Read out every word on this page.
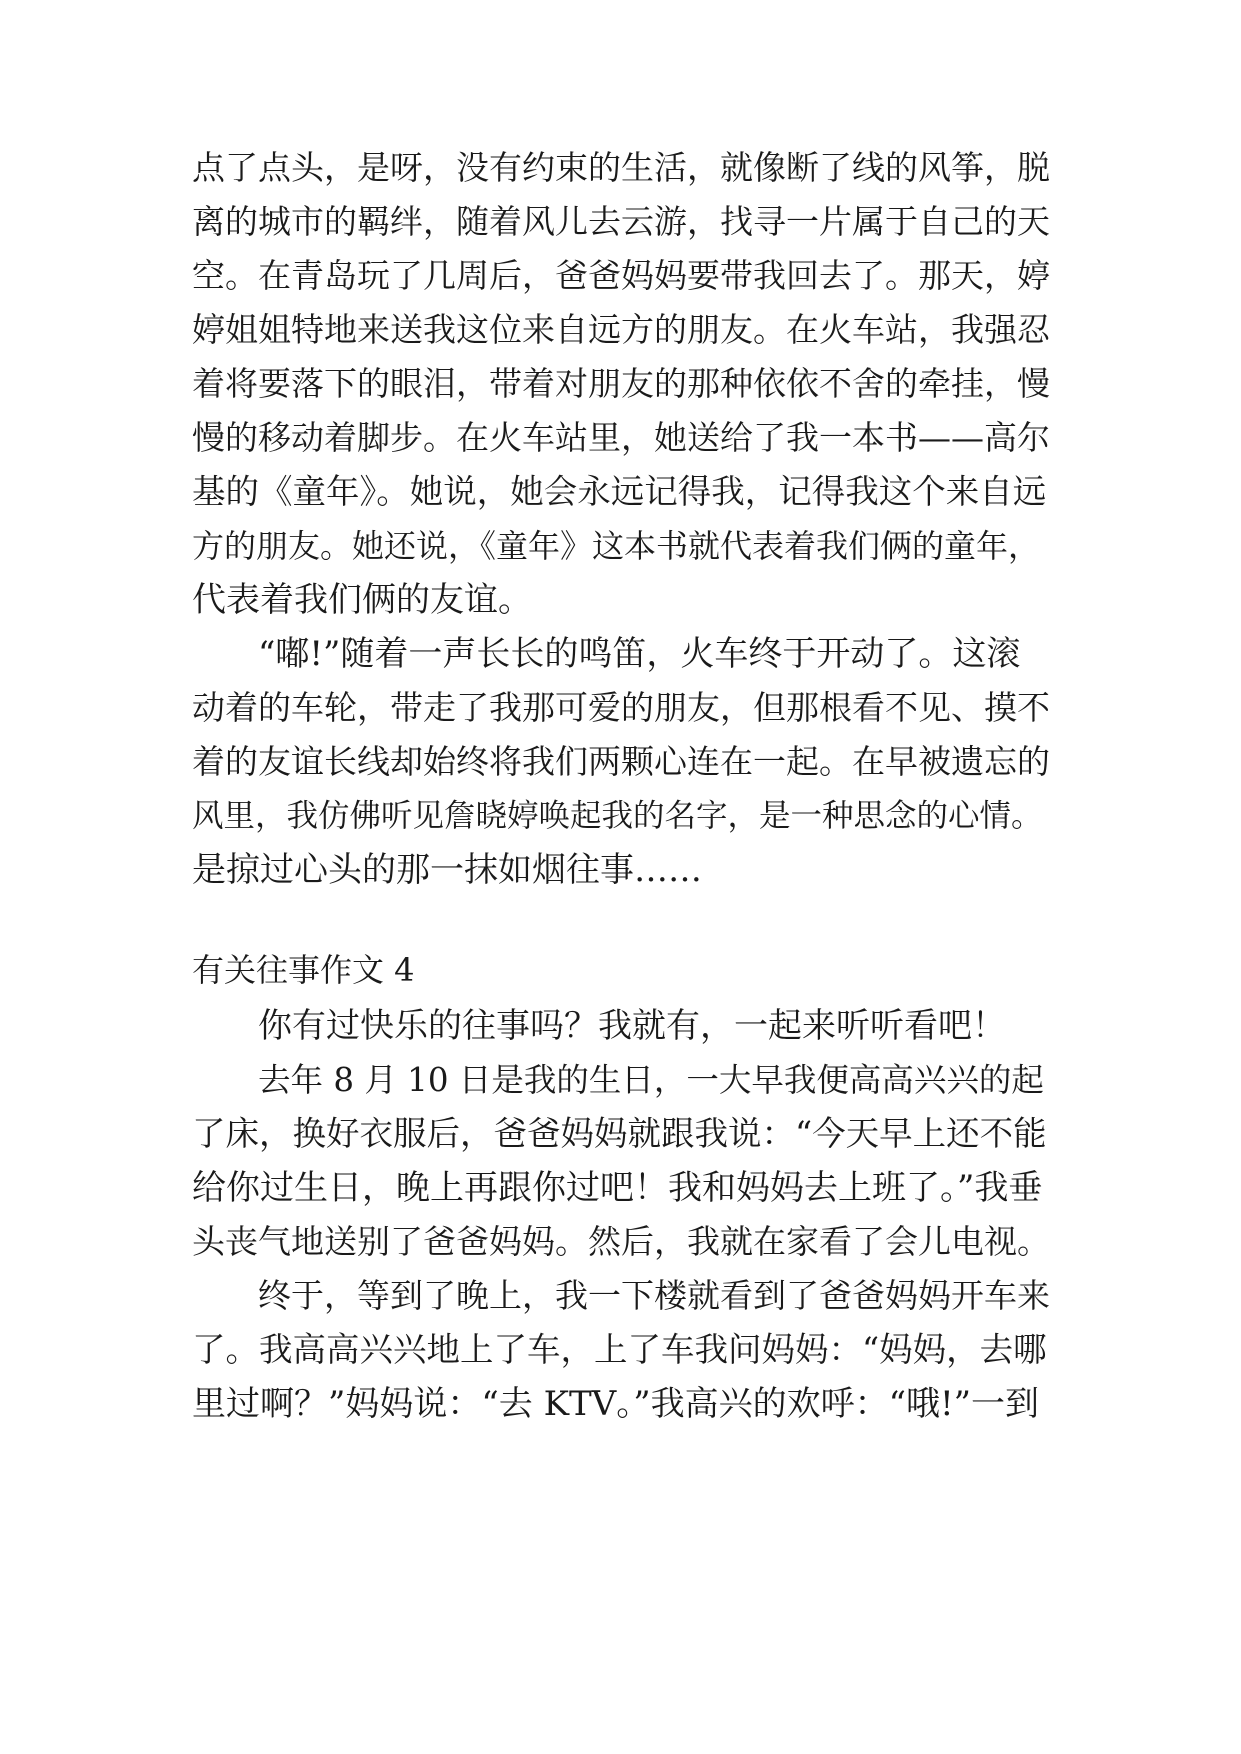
点了点头，是呀，没有约束的生活，就像断了线的风筝，脱
离的城市的羁绊，随着风儿去云游，找寻一片属于自己的天
空。在青岛玩了几周后，爸爸妈妈要带我回去了。那天，婷
婷姐姐特地来送我这位来自远方的朋友。在火车站，我强忍
着将要落下的眼泪，带着对朋友的那种依依不舍的牵挂，慢
慢的移动着脚步。在火车站里，她送给了我一本书——高尔
基的《童年》。她说，她会永远记得我，记得我这个来自远
方的朋友。她还说，《童年》这本书就代表着我们俩的童年，
代表着我们俩的友谊。
“嘟!”随着一声长长的鸣笛，火车终于开动了。这滚
动着的车轮，带走了我那可爱的朋友，但那根看不见、摸不
着的友谊长线却始终将我们两颗心连在一起。在早被遗忘的
风里，我仿佛听见詹晓婷唤起我的名字，是一种思念的心情。
是掠过心头的那一抹如烟往事……
有关往事作文 4
你有过快乐的往事吗？我就有，一起来听听看吧！
去年 8 月 10 日是我的生日，一大早我便高高兴兴的起
了床，换好衣服后，爸爸妈妈就跟我说：“今天早上还不能
给你过生日，晚上再跟你过吧！我和妈妈去上班了。”我垂
头丧气地送别了爸爸妈妈。然后，我就在家看了会儿电视。
终于，等到了晚上，我一下楼就看到了爸爸妈妈开车来
了。我高高兴兴地上了车，上了车我问妈妈：“妈妈，去哪
里过啊？”妈妈说：“去 KTV。”我高兴的欢呼：“哦!”一到
